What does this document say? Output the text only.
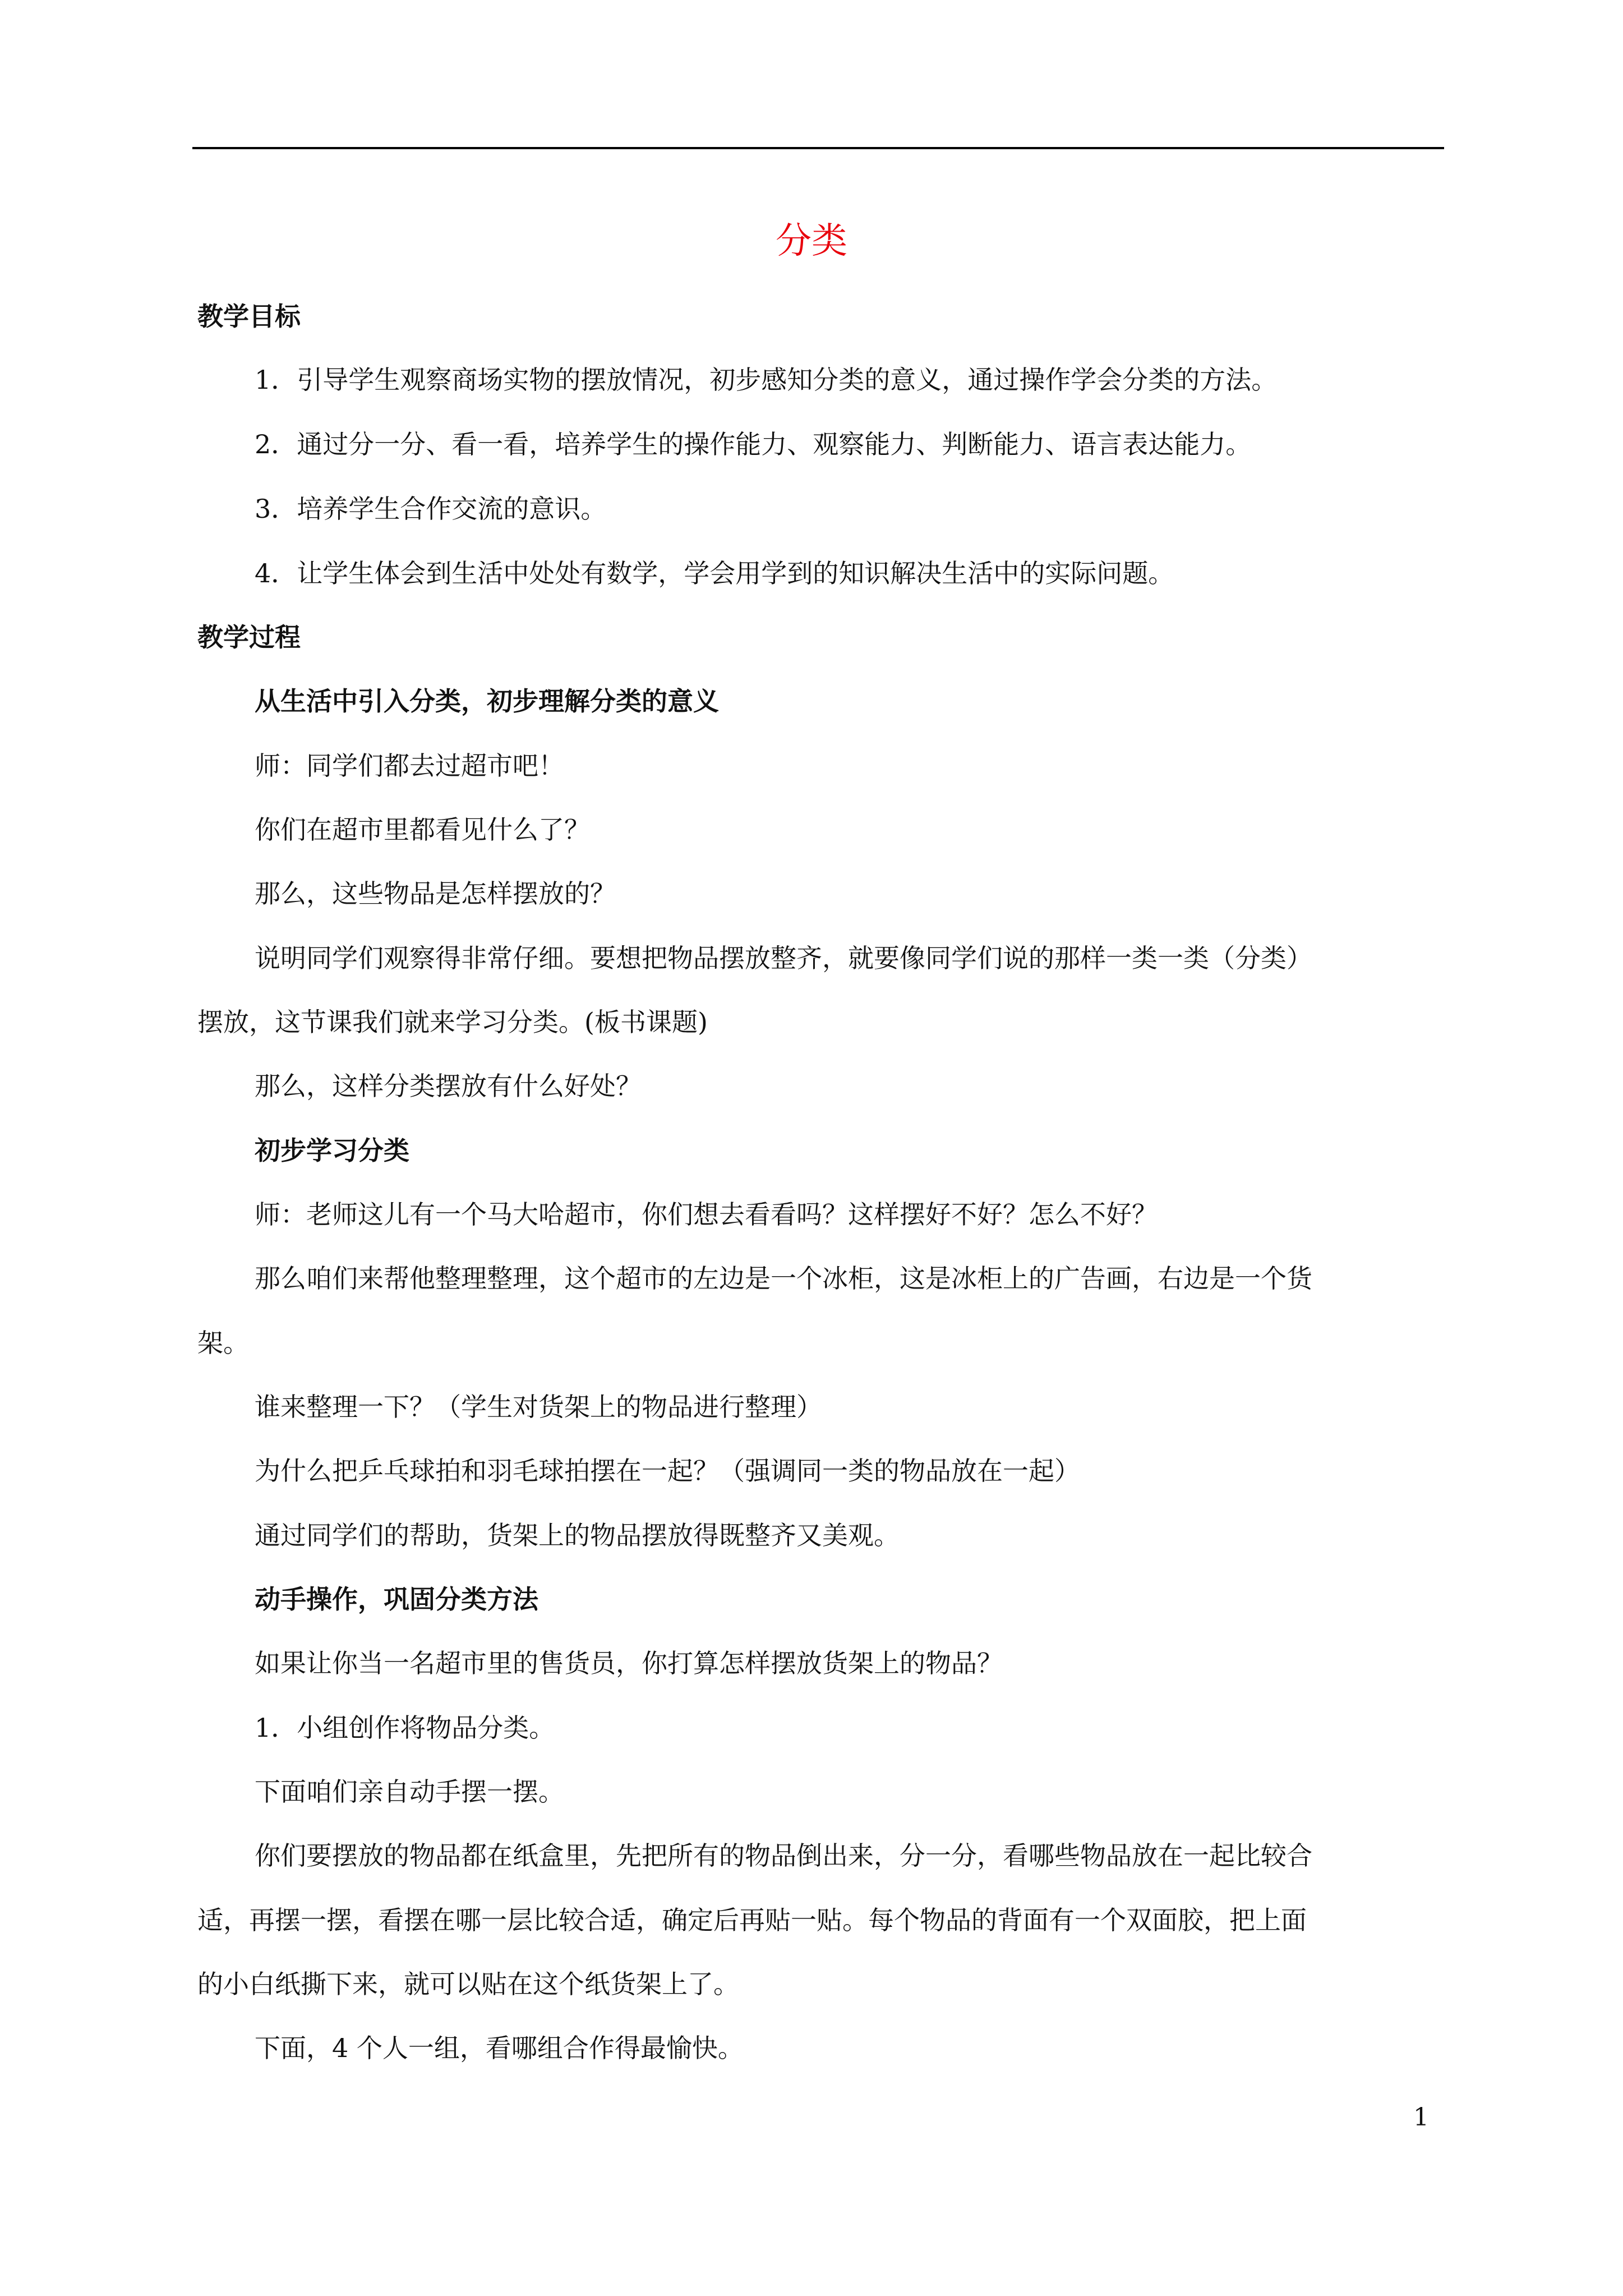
分类
教学目标
1．引导学生观察商场实物的摆放情况，初步感知分类的意义，通过操作学会分类的方法。
2．通过分一分、看一看，培养学生的操作能力、观察能力、判断能力、语言表达能力。
3．培养学生合作交流的意识。
4．让学生体会到生活中处处有数学，学会用学到的知识解决生活中的实际问题。
教学过程
从生活中引入分类，初步理解分类的意义
师：同学们都去过超市吧！
你们在超市里都看见什么了？
那么，这些物品是怎样摆放的？
说明同学们观察得非常仔细。要想把物品摆放整齐，就要像同学们说的那样一类一类（分类）
摆放，这节课我们就来学习分类。(板书课题)
那么，这样分类摆放有什么好处？
初步学习分类
师：老师这儿有一个马大哈超市，你们想去看看吗？这样摆好不好？怎么不好？
那么咱们来帮他整理整理，这个超市的左边是一个冰柜，这是冰柜上的广告画，右边是一个货
架。
谁来整理一下？（学生对货架上的物品进行整理）
为什么把乒乓球拍和羽毛球拍摆在一起？（强调同一类的物品放在一起）
通过同学们的帮助，货架上的物品摆放得既整齐又美观。
动手操作，巩固分类方法
如果让你当一名超市里的售货员，你打算怎样摆放货架上的物品？
1．小组创作将物品分类。
下面咱们亲自动手摆一摆。
你们要摆放的物品都在纸盒里，先把所有的物品倒出来，分一分，看哪些物品放在一起比较合
适，再摆一摆，看摆在哪一层比较合适，确定后再贴一贴。每个物品的背面有一个双面胶，把上面
的小白纸撕下来，就可以贴在这个纸货架上了。
下面，4 个人一组，看哪组合作得最愉快。
1
